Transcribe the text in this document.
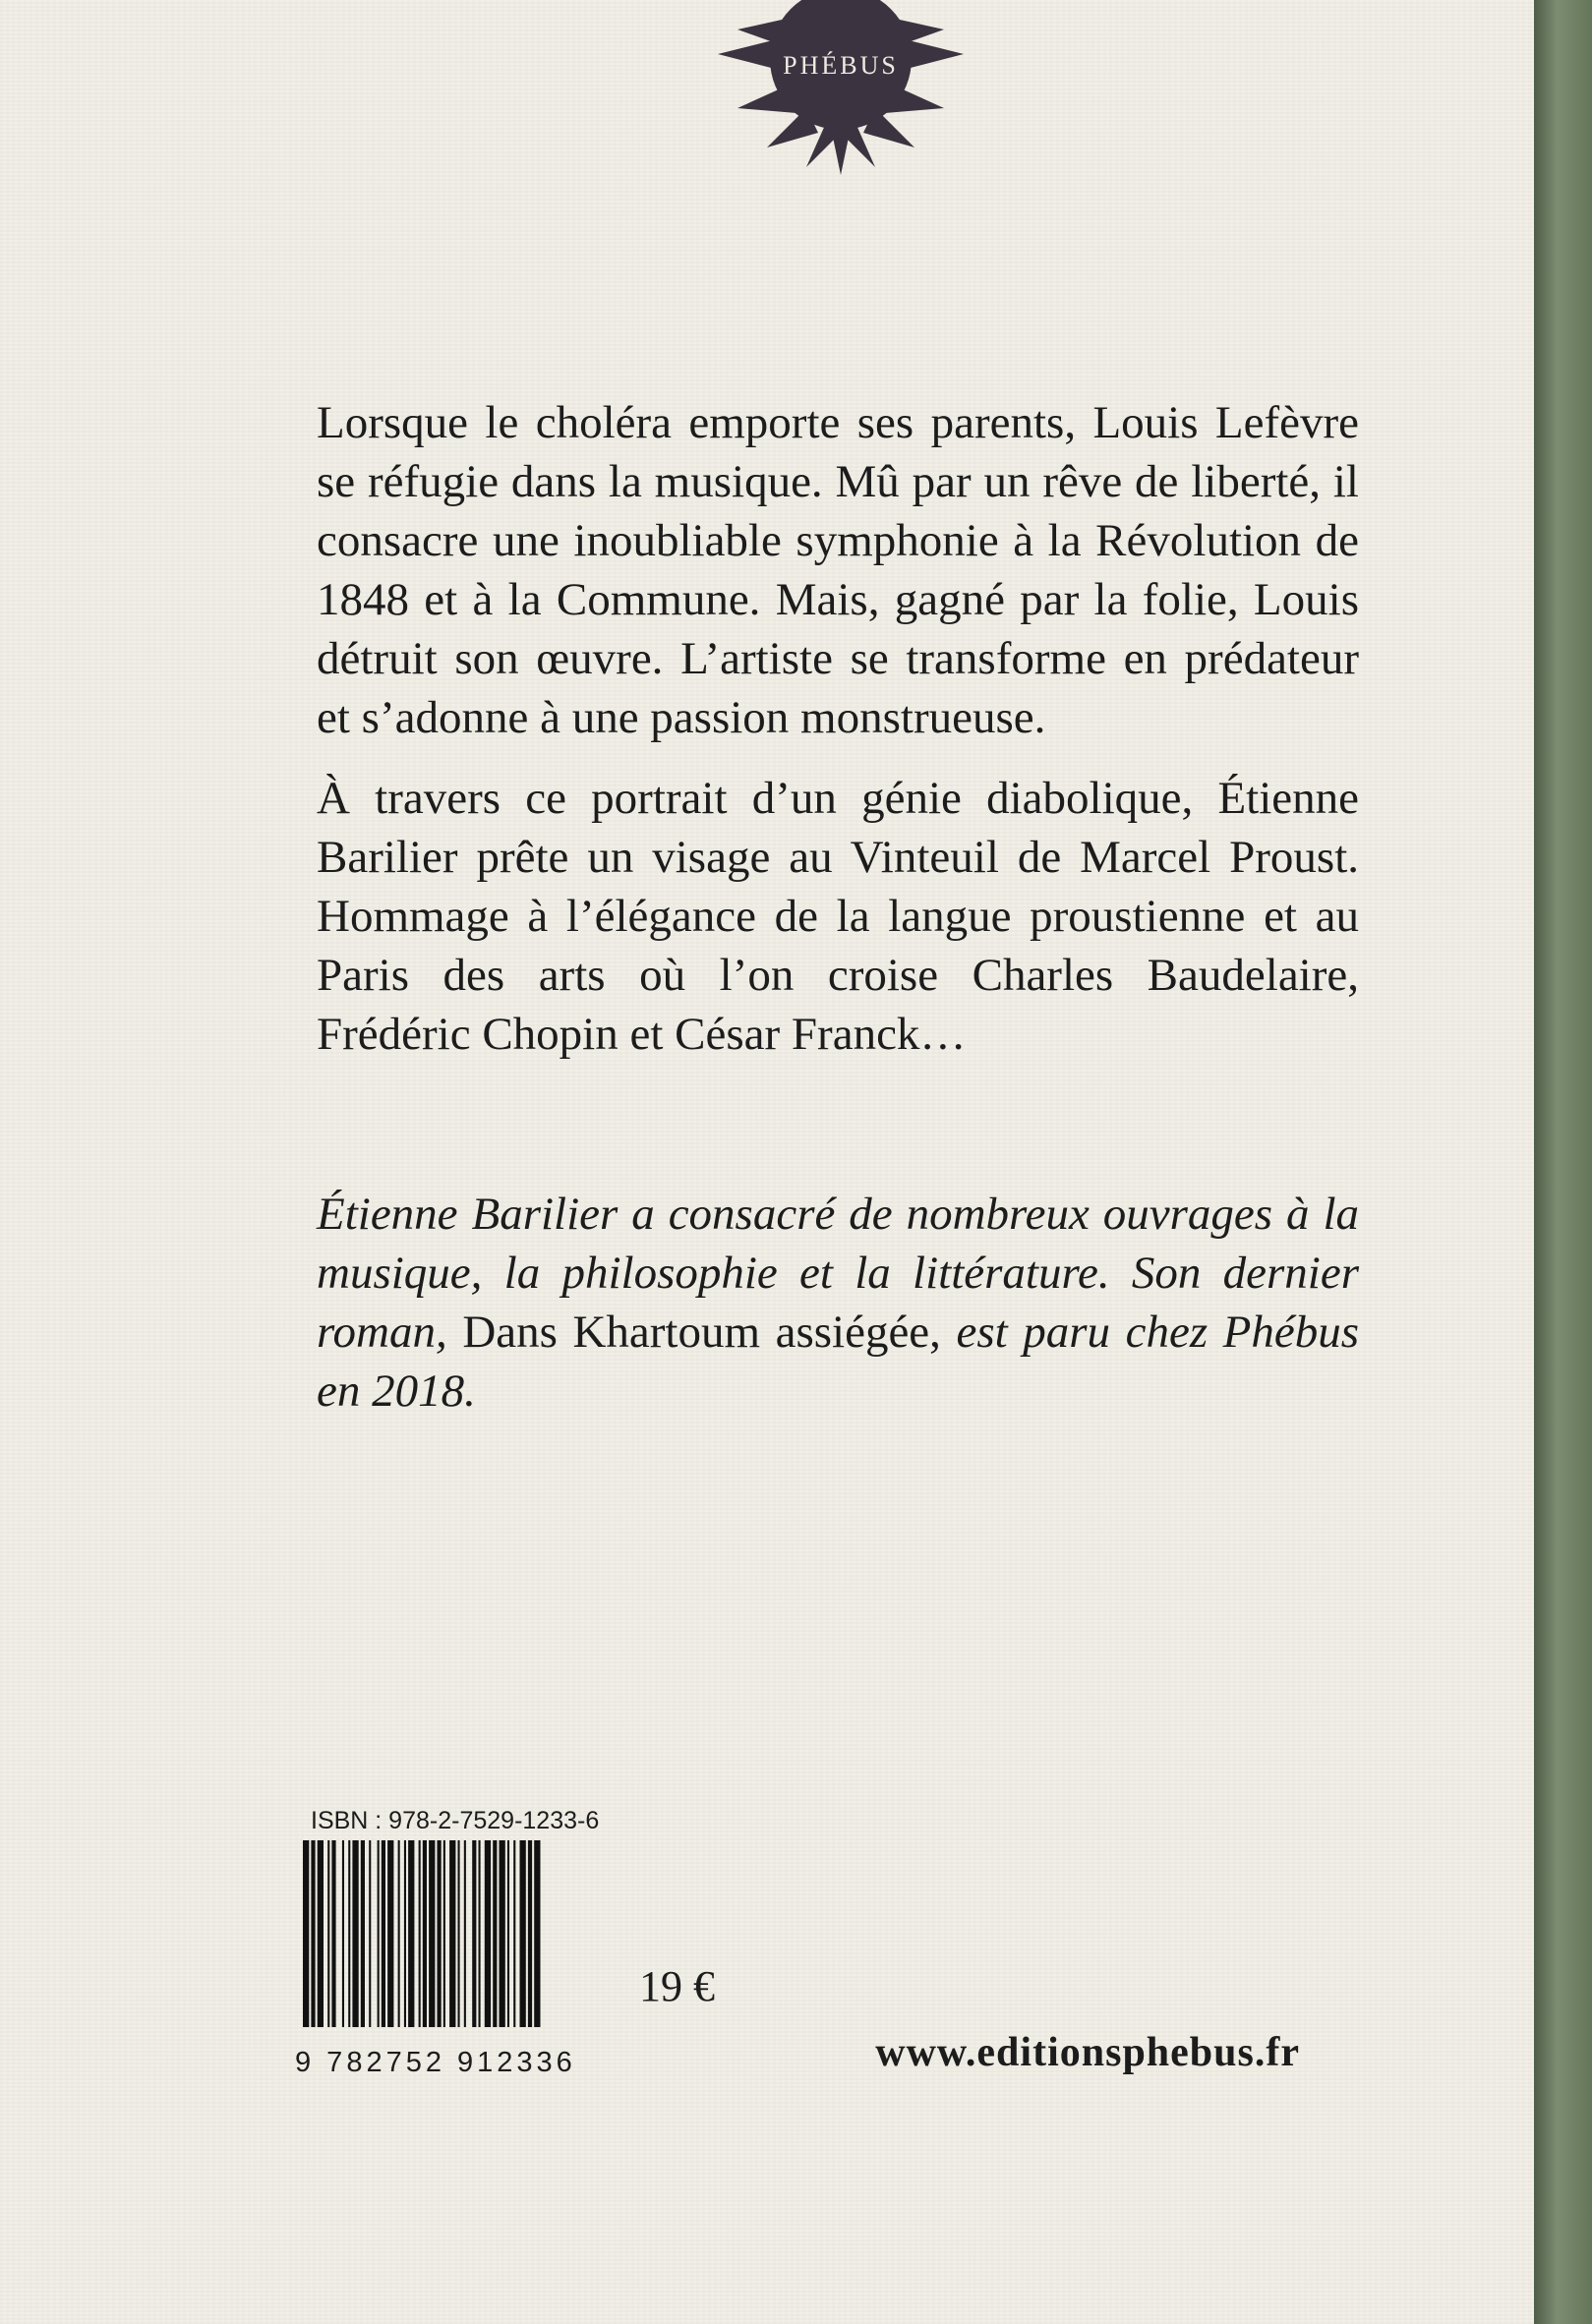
PHÉBUS

Lorsque le choléra emporte ses parents, Louis Lefèvre se réfugie dans la musique. Mû par un rêve de liberté, il consacre une inoubliable symphonie à la Révolution de 1848 et à la Commune. Mais, gagné par la folie, Louis détruit son œuvre. L’artiste se transforme en prédateur et s’adonne à une passion monstrueuse.

À travers ce portrait d’un génie diabolique, Étienne Barilier prête un visage au Vinteuil de Marcel Proust. Hommage à l’élégance de la langue proustienne et au Paris des arts où l’on croise Charles Baudelaire, Frédéric Chopin et César Franck…

Étienne Barilier a consacré de nombreux ouvrages à la musique, la philosophie et la littérature. Son dernier roman, Dans Khartoum assiégée, est paru chez Phébus en 2018.
ISBN : 978-2-7529-1233-6
9 782752 912336
19 €
www.editionsphebus.fr
